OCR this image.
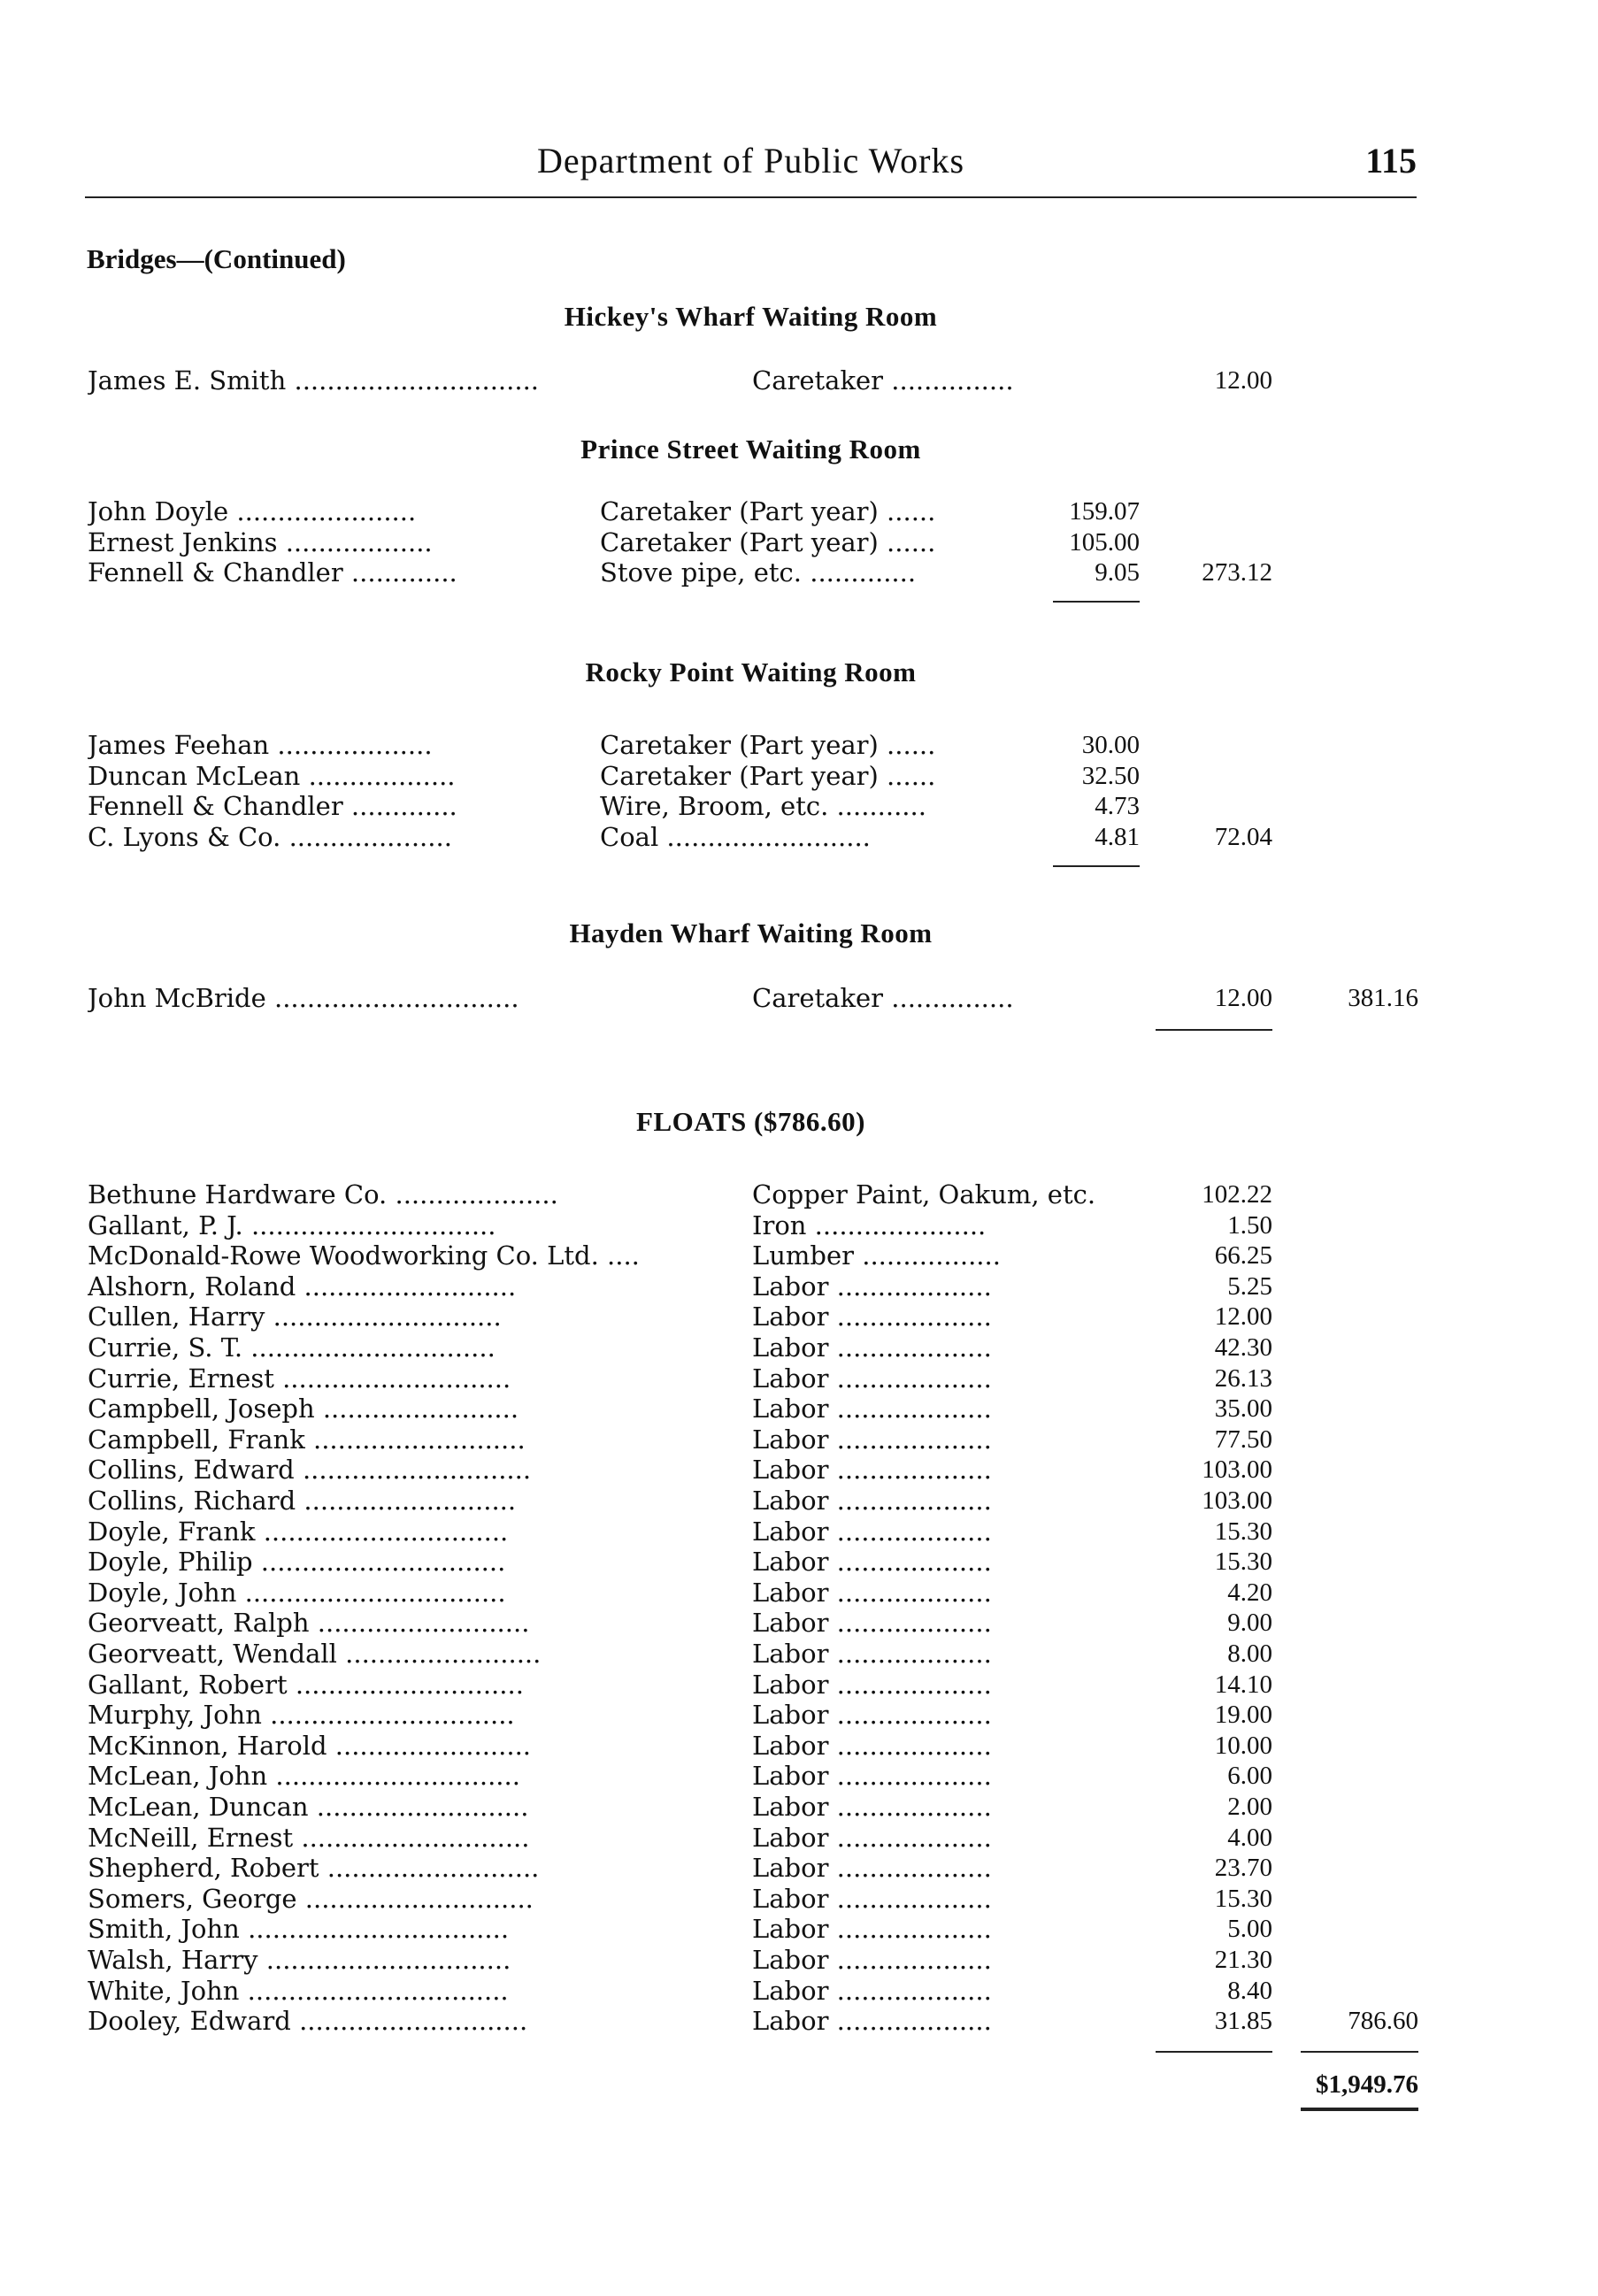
Department of Public Works	115
Bridges—(Continued)
Hickey's Wharf Waiting Room
James E. Smith ..............................	Caretaker ...............	12.00
Prince Street Waiting Room
John Doyle ......................	Caretaker (Part year) ......	159.07
Ernest Jenkins ..................	Caretaker (Part year) ......	105.00
Fennell & Chandler .............	Stove pipe, etc. .............	9.05	273.12
Rocky Point Waiting Room
James Feehan ...................	Caretaker (Part year) ......	30.00
Duncan McLean ..................	Caretaker (Part year) ......	32.50
Fennell & Chandler .............	Wire, Broom, etc. ...........	4.73
C. Lyons & Co. ....................	Coal .........................	4.81	72.04
Hayden Wharf Waiting Room
John McBride ..............................	Caretaker ...............	12.00	381.16
FLOATS ($786.60)
Bethune Hardware Co. ....................	Copper Paint, Oakum, etc.	102.22
Gallant, P. J. ..............................	Iron .....................	1.50
McDonald-Rowe Woodworking Co. Ltd. ....	Lumber .................	66.25
Alshorn, Roland ..........................	Labor ...................	5.25
Cullen, Harry ............................	Labor ...................	12.00
Currie, S. T. ..............................	Labor ...................	42.30
Currie, Ernest ............................	Labor ...................	26.13
Campbell, Joseph ........................	Labor ...................	35.00
Campbell, Frank ..........................	Labor ...................	77.50
Collins, Edward ............................	Labor ...................	103.00
Collins, Richard ..........................	Labor ...................	103.00
Doyle, Frank ..............................	Labor ...................	15.30
Doyle, Philip ..............................	Labor ...................	15.30
Doyle, John ................................	Labor ...................	4.20
Georveatt, Ralph ..........................	Labor ...................	9.00
Georveatt, Wendall ........................	Labor ...................	8.00
Gallant, Robert ............................	Labor ...................	14.10
Murphy, John ..............................	Labor ...................	19.00
McKinnon, Harold ........................	Labor ...................	10.00
McLean, John ..............................	Labor ...................	6.00
McLean, Duncan ..........................	Labor ...................	2.00
McNeill, Ernest ............................	Labor ...................	4.00
Shepherd, Robert ..........................	Labor ...................	23.70
Somers, George ............................	Labor ...................	15.30
Smith, John ................................	Labor ...................	5.00
Walsh, Harry ..............................	Labor ...................	21.30
White, John ................................	Labor ...................	8.40
Dooley, Edward ............................	Labor ...................	31.85	786.60
$1,949.76
